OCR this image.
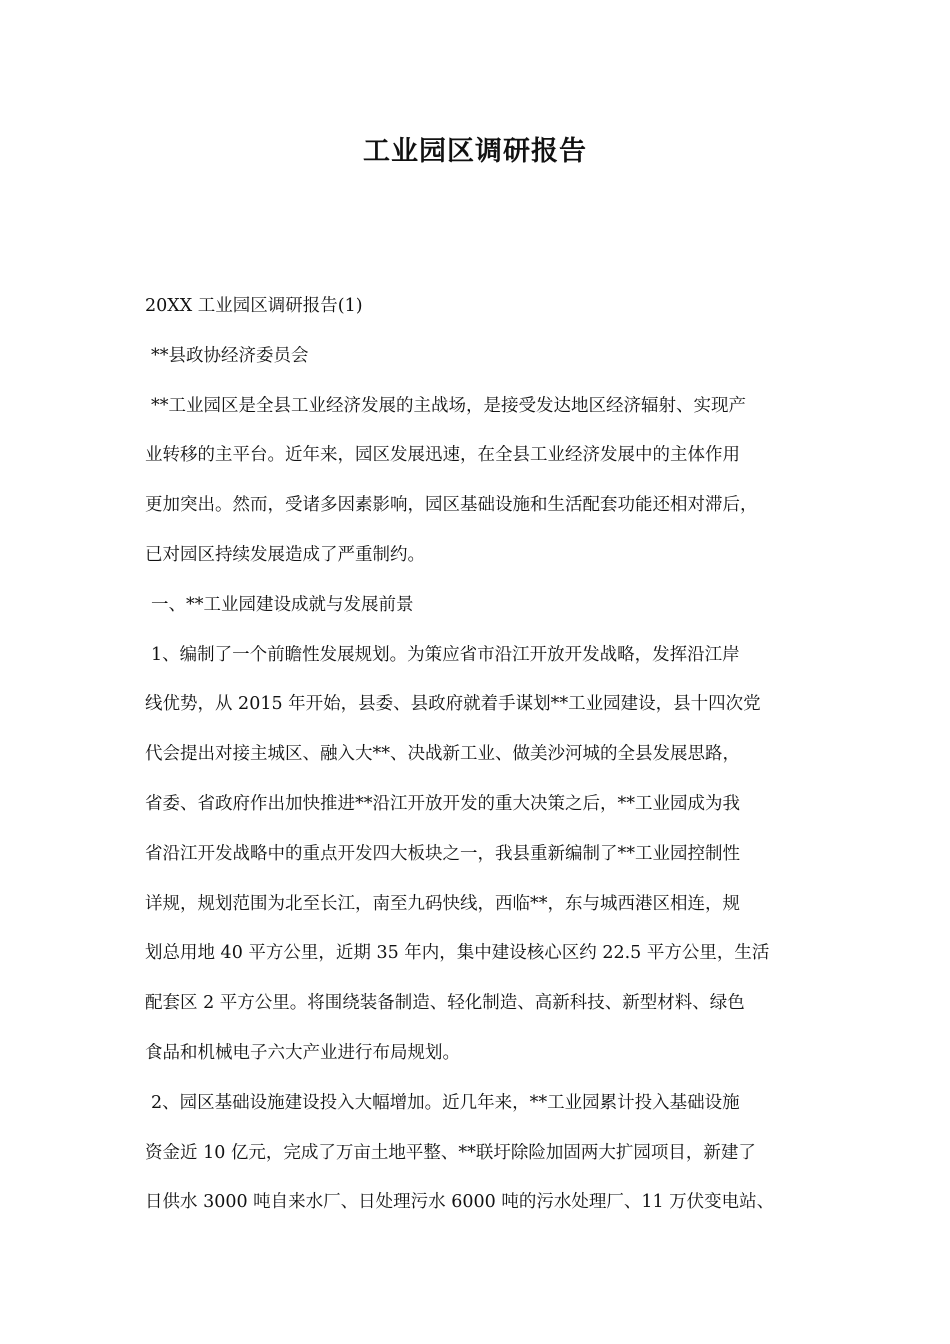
工业园区调研报告
20XX 工业园区调研报告(1)
**县政协经济委员会
**工业园区是全县工业经济发展的主战场，是接受发达地区经济辐射、实现产
业转移的主平台。近年来，园区发展迅速，在全县工业经济发展中的主体作用
更加突出。然而，受诸多因素影响，园区基础设施和生活配套功能还相对滞后，
已对园区持续发展造成了严重制约。
一、**工业园建设成就与发展前景
1、编制了一个前瞻性发展规划。为策应省市沿江开放开发战略，发挥沿江岸
线优势，从 2015 年开始，县委、县政府就着手谋划**工业园建设，县十四次党
代会提出对接主城区、融入大**、决战新工业、做美沙河城的全县发展思路，
省委、省政府作出加快推进**沿江开放开发的重大决策之后，**工业园成为我
省沿江开发战略中的重点开发四大板块之一，我县重新编制了**工业园控制性
详规，规划范围为北至长江，南至九码快线，西临**，东与城西港区相连，规
划总用地 40 平方公里，近期 35 年内，集中建设核心区约 22.5 平方公里，生活
配套区 2 平方公里。将围绕装备制造、轻化制造、高新科技、新型材料、绿色
食品和机械电子六大产业进行布局规划。
2、园区基础设施建设投入大幅增加。近几年来，**工业园累计投入基础设施
资金近 10 亿元，完成了万亩土地平整、**联圩除险加固两大扩园项目，新建了
日供水 3000 吨自来水厂、日处理污水 6000 吨的污水处理厂、11 万伏变电站、
